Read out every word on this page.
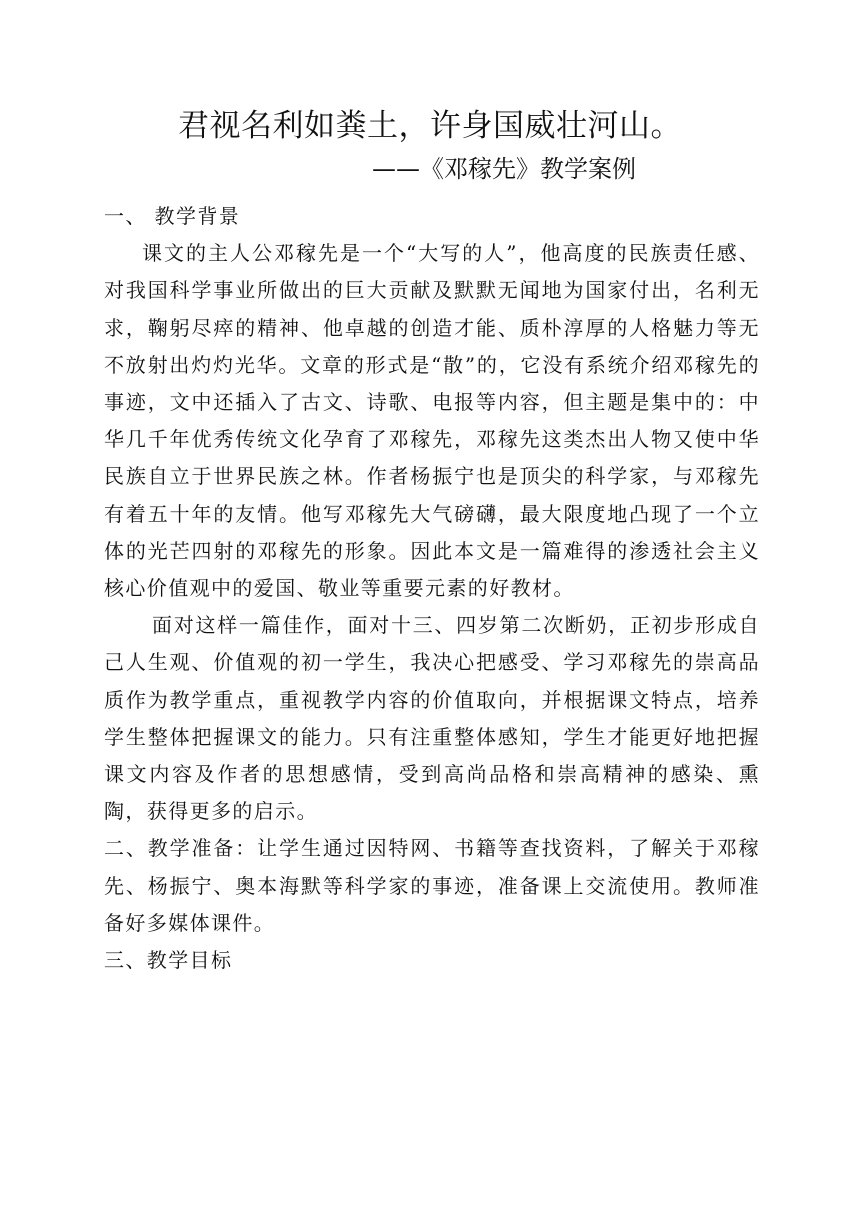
君视名利如粪土，许身国威壮河山。
——《邓稼先》教学案例

一、 教学背景

课文的主人公邓稼先是一个“大写的人”，他高度的民族责任感、对我国科学事业所做出的巨大贡献及默默无闻地为国家付出，名利无求，鞠躬尽瘁的精神、他卓越的创造才能、质朴淳厚的人格魅力等无不放射出灼灼光华。文章的形式是“散”的，它没有系统介绍邓稼先的事迹，文中还插入了古文、诗歌、电报等内容，但主题是集中的：中华几千年优秀传统文化孕育了邓稼先，邓稼先这类杰出人物又使中华民族自立于世界民族之林。作者杨振宁也是顶尖的科学家，与邓稼先有着五十年的友情。他写邓稼先大气磅礴，最大限度地凸现了一个立体的光芒四射的邓稼先的形象。因此本文是一篇难得的渗透社会主义核心价值观中的爱国、敬业等重要元素的好教材。

面对这样一篇佳作，面对十三、四岁第二次断奶，正初步形成自己人生观、价值观的初一学生，我决心把感受、学习邓稼先的崇高品质作为教学重点，重视教学内容的价值取向，并根据课文特点，培养学生整体把握课文的能力。只有注重整体感知，学生才能更好地把握课文内容及作者的思想感情，受到高尚品格和崇高精神的感染、熏陶，获得更多的启示。

二、教学准备：让学生通过因特网、书籍等查找资料，了解关于邓稼先、杨振宁、奥本海默等科学家的事迹，准备课上交流使用。教师准备好多媒体课件。

三、教学目标
